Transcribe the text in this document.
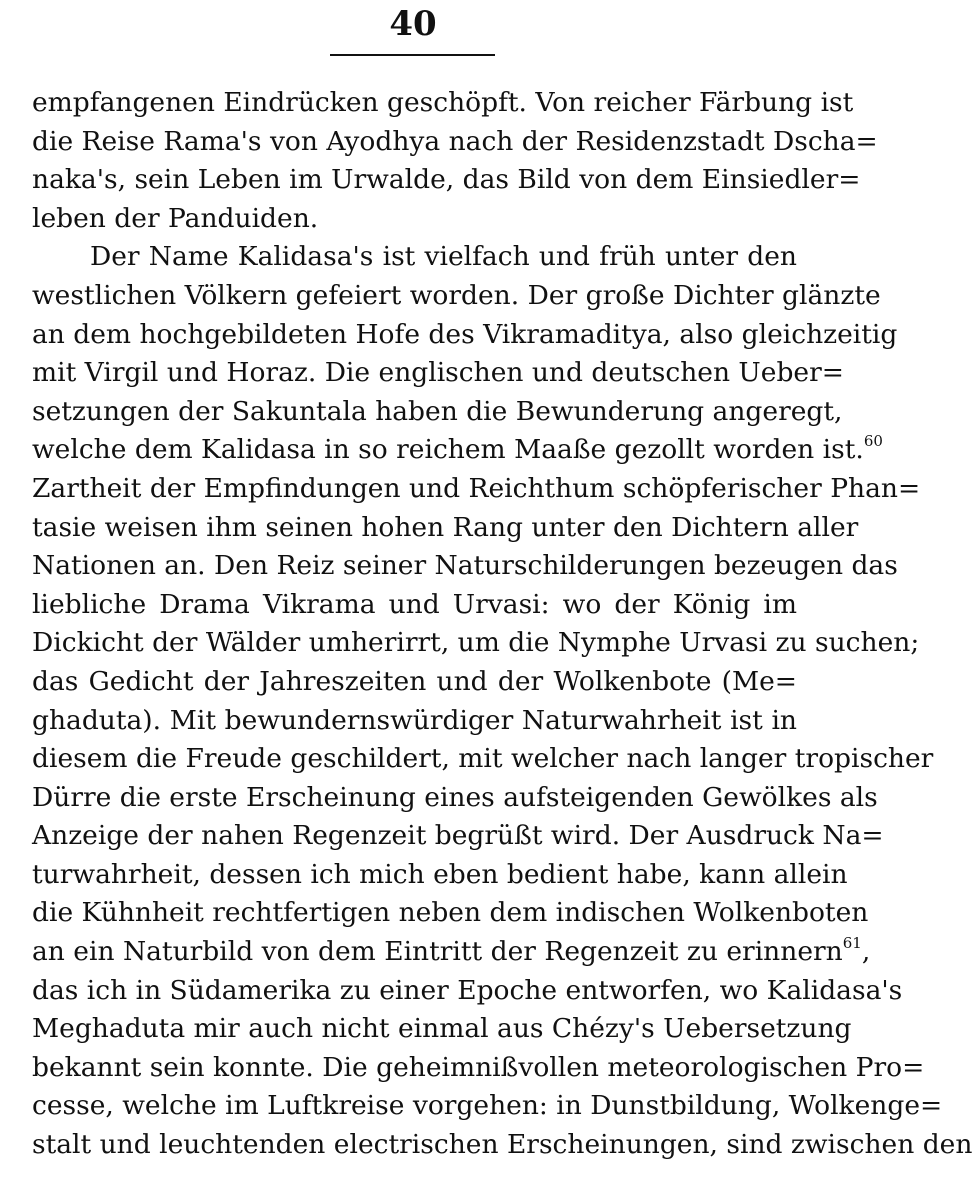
40
empfangenen Eindrücken geschöpft. Von reicher Färbung ist
die Reise Rama's von Ayodhya nach der Residenzstadt Dscha=
naka's, sein Leben im Urwalde, das Bild von dem Einsiedler=
leben der Panduiden.
Der Name Kalidasa's ist vielfach und früh unter den
westlichen Völkern gefeiert worden. Der große Dichter glänzte
an dem hochgebildeten Hofe des Vikramaditya, also gleichzeitig
mit Virgil und Horaz. Die englischen und deutschen Ueber=
setzungen der Sakuntala haben die Bewunderung angeregt,
welche dem Kalidasa in so reichem Maaße gezollt worden ist.$^{60}$
Zartheit der Empfindungen und Reichthum schöpferischer Phan=
tasie weisen ihm seinen hohen Rang unter den Dichtern aller
Nationen an. Den Reiz seiner Naturschilderungen bezeugen das
liebliche Drama Vikrama und Urvasi: wo der König im
Dickicht der Wälder umherirrt, um die Nymphe Urvasi zu suchen;
das Gedicht der Jahreszeiten und der Wolkenbote (Me=
ghaduta). Mit bewundernswürdiger Naturwahrheit ist in
diesem die Freude geschildert, mit welcher nach langer tropischer
Dürre die erste Erscheinung eines aufsteigenden Gewölkes als
Anzeige der nahen Regenzeit begrüßt wird. Der Ausdruck Na=
turwahrheit, dessen ich mich eben bedient habe, kann allein
die Kühnheit rechtfertigen neben dem indischen Wolkenboten
an ein Naturbild von dem Eintritt der Regenzeit zu erinnern$^{61}$,
das ich in Südamerika zu einer Epoche entworfen, wo Kalidasa's
Meghaduta mir auch nicht einmal aus Chézy's Uebersetzung
bekannt sein konnte. Die geheimnißvollen meteorologischen Pro=
cesse, welche im Luftkreise vorgehen: in Dunstbildung, Wolkenge=
stalt und leuchtenden electrischen Erscheinungen, sind zwischen den
